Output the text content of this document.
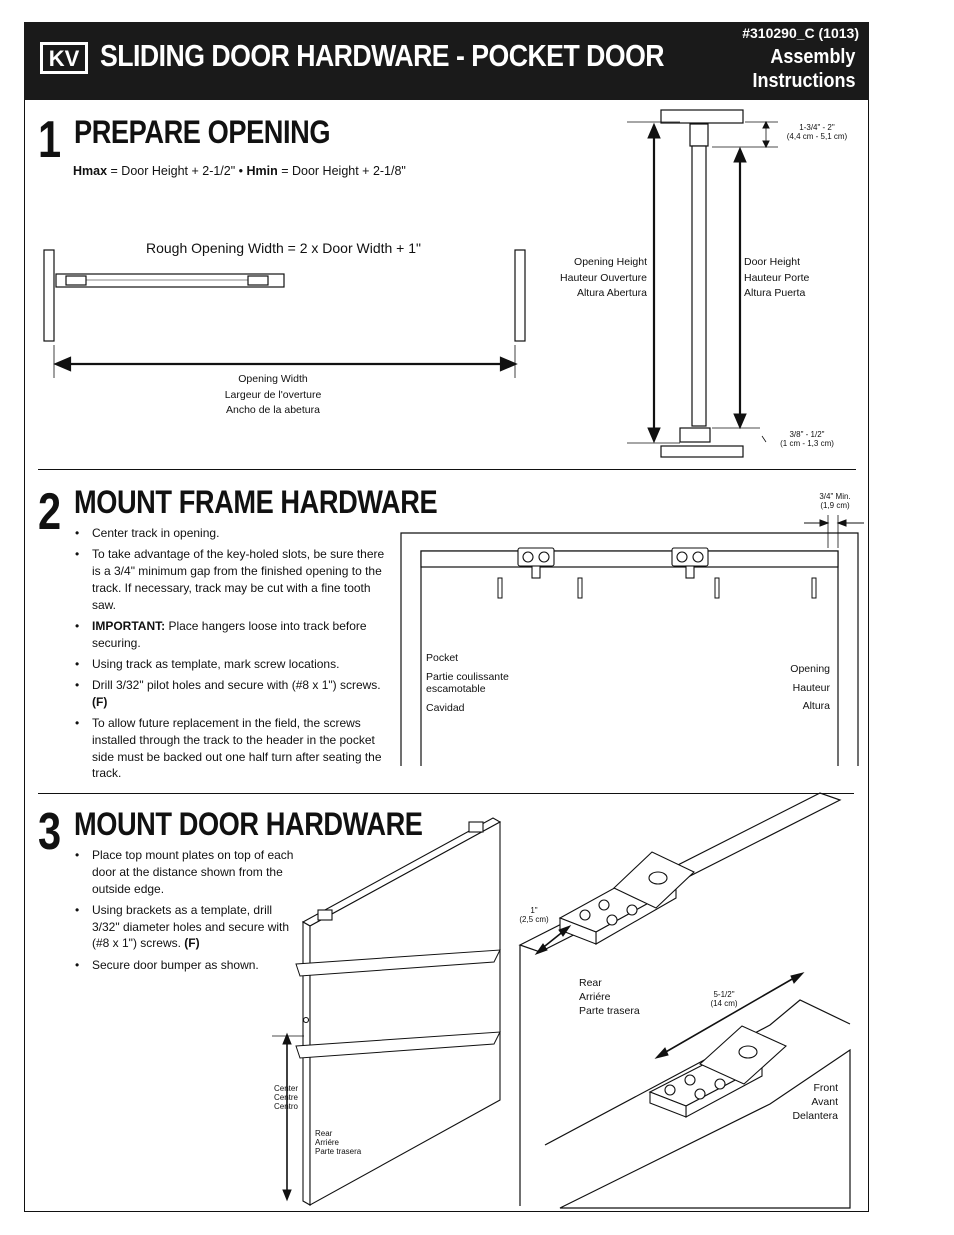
KV SLIDING DOOR HARDWARE - POCKET DOOR
#310290_C (1013)
Assembly
Instructions
1 PREPARE OPENING
Hmax = Door Height + 2-1/2" • Hmin = Door Height + 2-1/8"
Rough Opening Width = 2 x Door Width + 1"
Opening Width
Largeur de l'overture
Ancho de la abetura
Opening Height
Hauteur Ouverture
Altura Abertura
Door Height
Hauteur Porte
Altura Puerta
1-3/4" - 2"
(4,4 cm - 5,1 cm)
3/8" - 1/2"
(1 cm - 1,3 cm)
2 MOUNT FRAME HARDWARE
• Center track in opening.
• To take advantage of the key-holed slots, be sure there is a 3/4" minimum gap from the finished opening to the track. If necessary, track may be cut with a fine tooth saw.
• IMPORTANT: Place hangers loose into track before securing.
• Using track as template, mark screw locations.
• Drill 3/32" pilot holes and secure with (#8 x 1") screws. (F)
• To allow future replacement in the field, the screws installed through the track to the header in the pocket side must be backed out one half turn after seating the track.
3/4" Min.
(1,9 cm)
Pocket
Partie coulissante escamotable
Cavidad
Opening
Hauteur
Altura
3 MOUNT DOOR HARDWARE
• Place top mount plates on top of each door at the distance shown from the outside edge.
• Using brackets as a template, drill 3/32" diameter holes and secure with (#8 x 1") screws. (F)
• Secure door bumper as shown.
Center
Centre
Centro
Rear
Arriére
Parte trasera
1"
(2,5 cm)
Rear
Arriére
Parte trasera
5-1/2"
(14 cm)
Front
Avant
Delantera
